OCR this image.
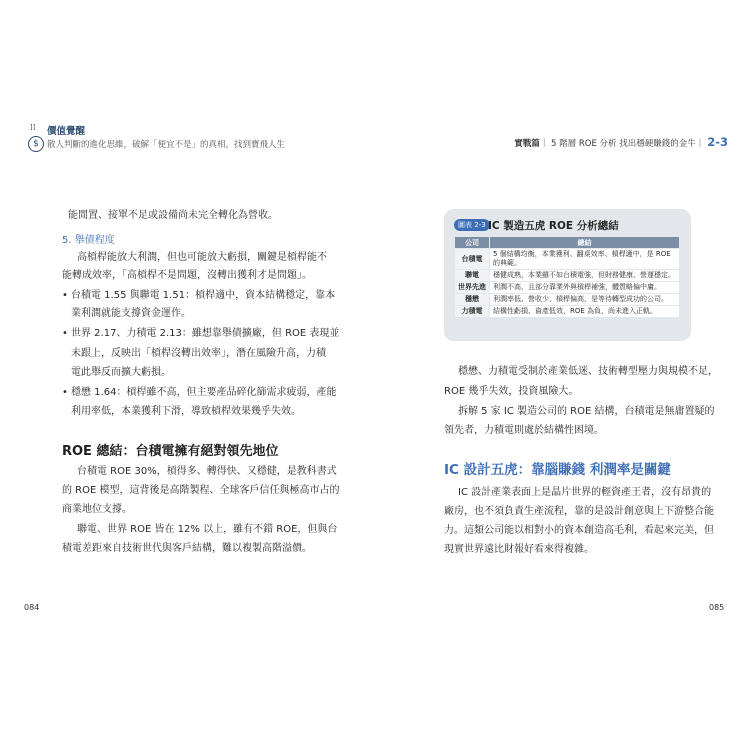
⁞⁞
$
價值覺醒
散人判斷的進化思維，破解「便宜不是」的真相，找到寶飛人生	實戰篇｜ 5 階層 ROE 分析 找出穩硬賺錢的金牛｜ 2-3
能閒置、接單不足或設備尚未完全轉化為營收。
5. 舉債程度
高槓桿能放大利潤，但也可能放大虧損，關鍵是槓桿能不
能轉成效率，「高槓桿不是問題，沒轉出獲利才是問題」。
• 台積電 1.55 與聯電 1.51：槓桿適中，資本結構穩定，靠本
業利潤就能支撐資金運作。
• 世界 2.17、力積電 2.13：雖想靠舉債擴廠，但 ROE 表現並
未跟上，反映出「槓桿沒轉出效率」，潛在風險升高，力積
電此舉反而擴大虧損。
• 穩懋 1.64：槓桿雖不高，但主要產品碎化篩需求疲弱，產能
利用率低，本業獲利下滑，導致槓桿效果幾乎失效。
ROE 總結：台積電擁有絕對領先地位
台積電 ROE 30%，槓得多、轉得快、又穩健，是教科書式
的 ROE 模型，這背後是高階製程、全球客戶信任與極高市占的
商業地位支撐。
聯電、世界 ROE 皆在 12% 以上，雖有不錯 ROE，但與台
積電差距來自技術世代與客戶結構，難以複製高階溢價。
084
圖表 2-3 IC 製造五虎 ROE 分析總結
公司	總結
台積電	5 個結構均衡，本業獲利、翻桌效率、槓桿適中，是 ROE 的典範。
聯電	穩健成熟，本業雖不如台積電強，但財務健康、營運穩定。
世界先進	利潤不高，且部分靠業外與槓桿補強，體質略偏中庸。
穩懋	利潤率低、營收少、槓桿偏高，是等待轉型成功的公司。
力積電	結構性虧損、資產低效，ROE 為負，尚未進入正軌。
穩懋、力積電受制於產業低迷、技術轉型壓力與規模不足，
ROE 幾乎失效，投資風險大。
拆解 5 家 IC 製造公司的 ROE 結構，台積電是無庸置疑的
領先者，力積電則處於結構性困境。
IC 設計五虎：靠腦賺錢 利潤率是關鍵
IC 設計產業表面上是晶片世界的輕資產王者，沒有昂貴的
廠房，也不須負責生產流程，靠的是設計創意與上下游整合能
力。這類公司能以相對小的資本創造高毛利，看起來完美，但
現實世界遠比財報好看來得複雜。
085
